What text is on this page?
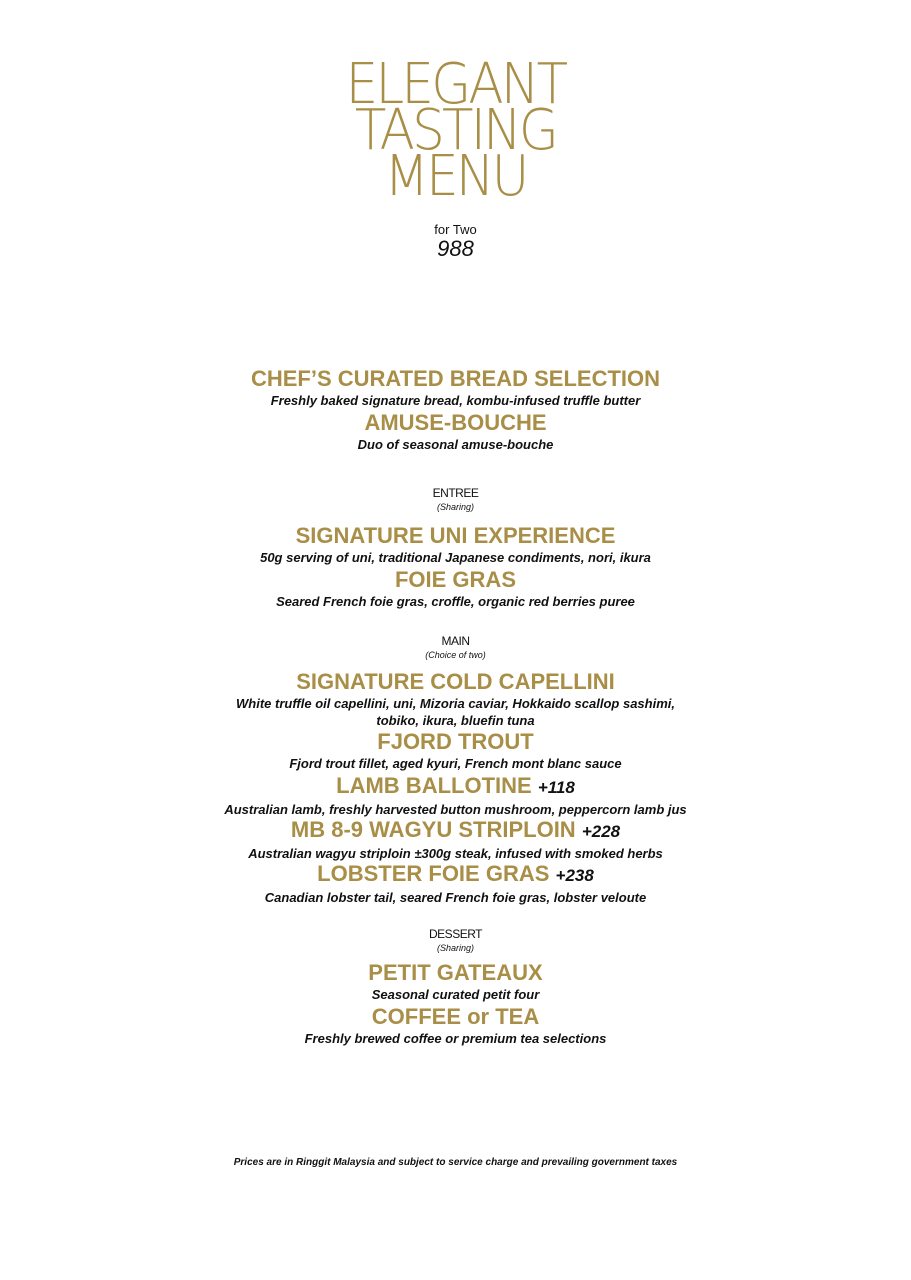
ELEGANT
TASTING
MENU
for Two
988
CHEF’S CURATED BREAD SELECTION
Freshly baked signature bread, kombu-infused truffle butter
AMUSE-BOUCHE
Duo of seasonal amuse-bouche
ENTREE
(Sharing)
SIGNATURE UNI EXPERIENCE
50g serving of uni, traditional Japanese condiments, nori, ikura
FOIE GRAS
Seared French foie gras, croffle, organic red berries puree
MAIN
(Choice of two)
SIGNATURE COLD CAPELLINI
White truffle oil capellini, uni, Mizoria caviar, Hokkaido scallop sashimi,
tobiko, ikura, bluefin tuna
FJORD TROUT
Fjord trout fillet, aged kyuri, French mont blanc sauce
LAMB BALLOTINE +118
Australian lamb, freshly harvested button mushroom, peppercorn lamb jus
MB 8-9 WAGYU STRIPLOIN +228
Australian wagyu striploin ±300g steak, infused with smoked herbs
LOBSTER FOIE GRAS +238
Canadian lobster tail, seared French foie gras, lobster veloute
DESSERT
(Sharing)
PETIT GATEAUX
Seasonal curated petit four
COFFEE or TEA
Freshly brewed coffee or premium tea selections
Prices are in Ringgit Malaysia and subject to service charge and prevailing government taxes
